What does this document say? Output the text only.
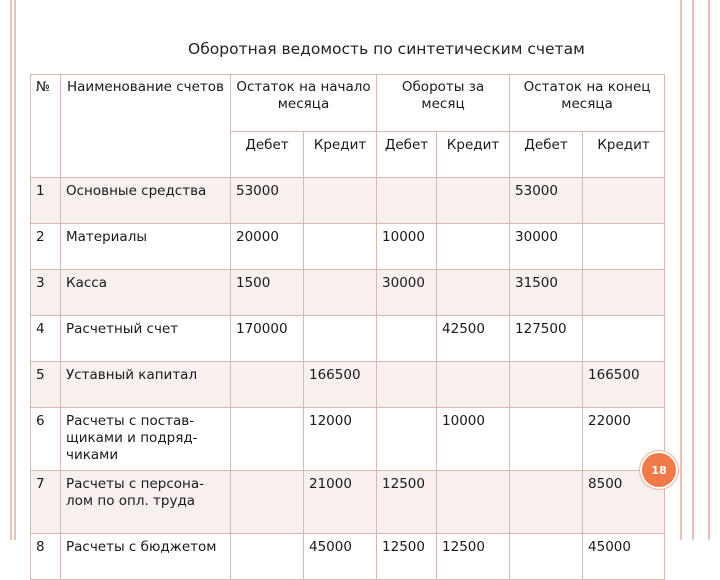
Оборотная ведомость по синтетическим счетам
№	Наименование счетов	Остаток на начало месяца		Обороты за месяц		Остаток на конец месяца	
		Дебет	Кредит	Дебет	Кредит	Дебет	Кредит
1	Основные средства	53000				53000	
2	Материалы	20000		10000		30000	
3	Касса	1500		30000		31500	
4	Расчетный счет	170000			42500	127500	
5	Уставный капитал		166500				166500
6	Расчеты с постав-щиками и подряд-чиками		12000		10000		22000
7	Расчеты с персона- лом по опл. труда		21000	12500			8500
8	Расчеты с бюджетом		45000	12500	12500		45000
18
